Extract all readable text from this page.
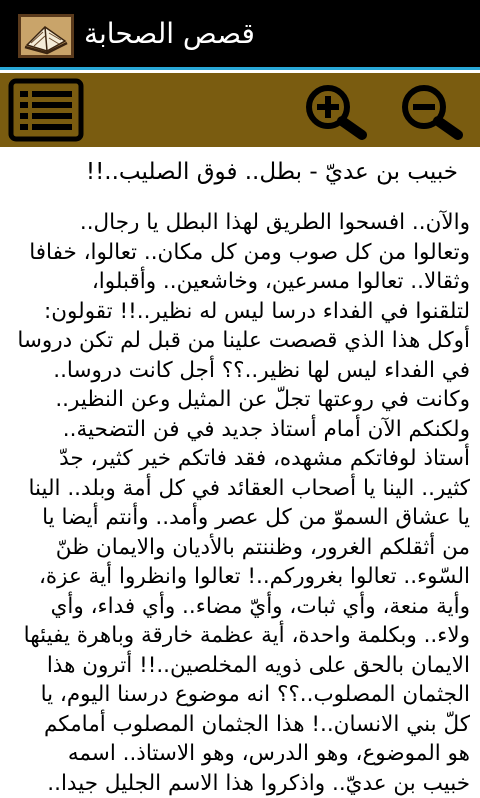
قصص الصحابة
خبيب بن عديّ - بطل.. فوق الصليب..!!
والآن.. افسحوا الطريق لهذا البطل يا رجال..
وتعالوا من كل صوب ومن كل مكان.. تعالوا، خفافا
وثقالا.. تعالوا مسرعين، وخاشعين.. وأقبلوا،
لتلقنوا في الفداء درسا ليس له نظير..!! تقولون:
أوكل هذا الذي قصصت علينا من قبل لم تكن دروسا
في الفداء ليس لها نظير..؟؟ أجل كانت دروسا..
وكانت في روعتها تجلّ عن المثيل وعن النظير..
ولكنكم الآن أمام أستاذ جديد في فن التضحية..
أستاذ لوفاتكم مشهده، فقد فاتكم خير كثير، جدّ
كثير.. الينا يا أصحاب العقائد في كل أمة وبلد.. الينا
يا عشاق السموّ من كل عصر وأمد.. وأنتم أيضا يا
من أثقلكم الغرور، وظننتم بالأديان والايمان ظنّ
السّوء.. تعالوا بغروركم..! تعالوا وانظروا أية عزة،
وأية منعة، وأي ثبات، وأيّ مضاء.. وأي فداء، وأي
ولاء.. وبكلمة واحدة، أية عظمة خارقة وباهرة يفيئها
الايمان بالحق على ذويه المخلصين..!! أترون هذا
الجثمان المصلوب..؟؟ انه موضوع درسنا اليوم، يا
كلّ بني الانسان..! هذا الجثمان المصلوب أمامكم
هو الموضوع، وهو الدرس، وهو الاستاذ.. اسمه
خبيب بن عديّ.. واذكروا هذا الاسم الجليل جيدا..
